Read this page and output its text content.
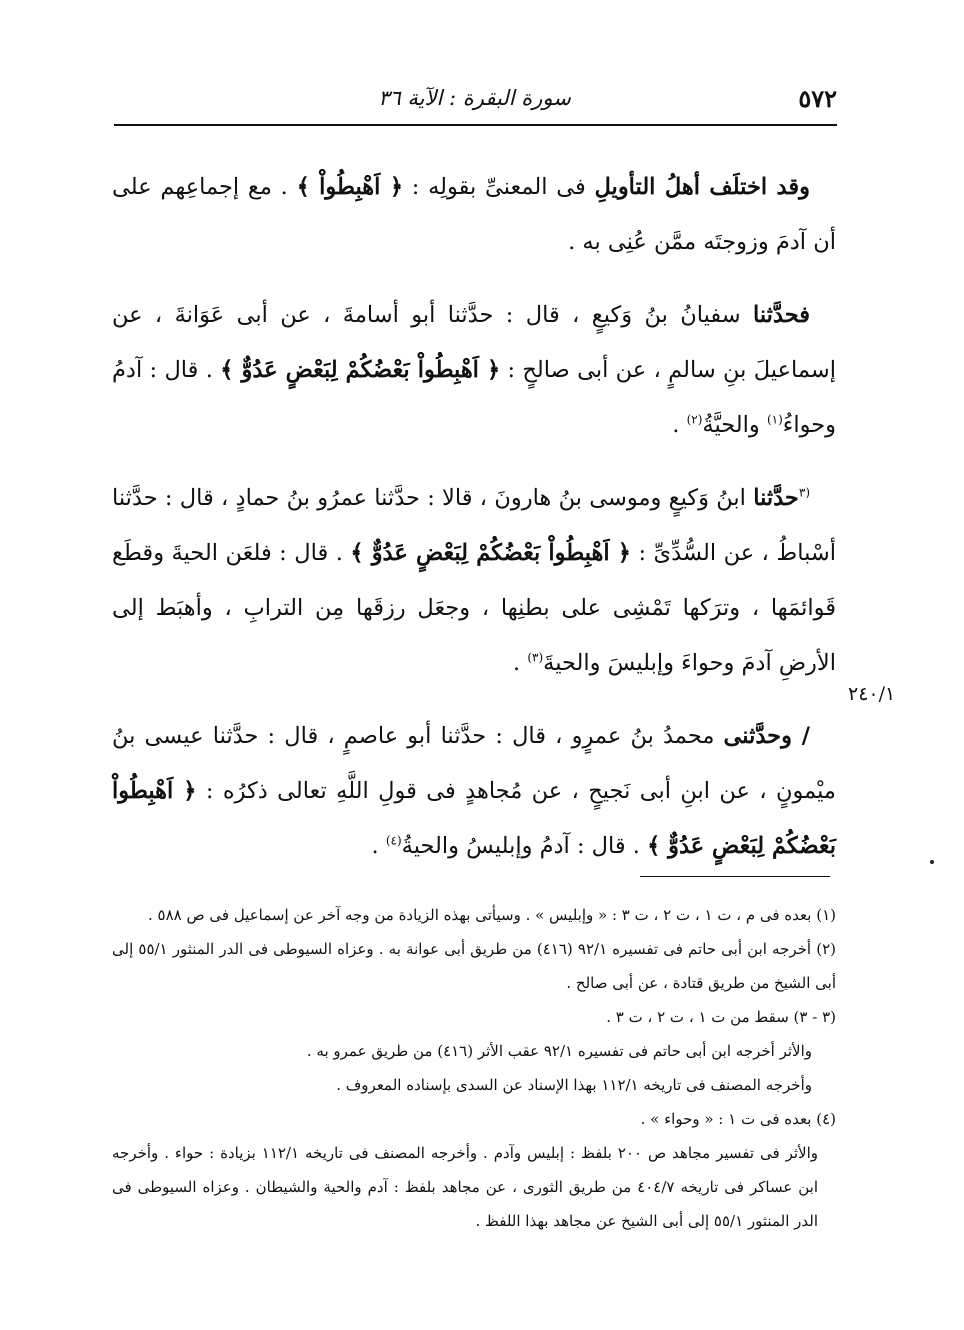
٥٧٢
سورة البقرة : الآية ٣٦

وقد اختلَف أهلُ التأويلِ فى المعنىِّ بقولِه : ﴿ اَهْبِطُواْ ﴾ . مع إجماعِهم على أن آدمَ وزوجتَه ممَّن عُنِى به .

فحدَّثنا سفيانُ بنُ وَكيعٍ ، قال : حدَّثنا أبو أسامةَ ، عن أبى عَوَانةَ ، عن إسماعيلَ بنِ سالمٍ ، عن أبى صالحٍ : ﴿ اَهْبِطُواْ بَعْضُكُمْ لِبَعْضٍ عَدُوٌّ ﴾ . قال : آدمُ وحواءُ$^{(١)}$ والحيَّةُ$^{(٢)}$ .

$^{(٣}$حدَّثنا ابنُ وَكيعٍ وموسى بنُ هارونَ ، قالا : حدَّثنا عمرُو بنُ حمادٍ ، قال : حدَّثنا أسْباطُ ، عن السُّدِّىِّ : ﴿ اَهْبِطُواْ بَعْضُكُمْ لِبَعْضٍ عَدُوٌّ ﴾ . قال : فلعَن الحيةَ وقطَع قَوائمَها ، وترَكها تَمْشِى على بطنِها ، وجعَل رزقَها مِن الترابِ ، وأهبَط إلى الأرضِ آدمَ وحواءَ وإبليسَ والحيةَ$^{(٣)}$ .

/ وحدَّثنى محمدُ بنُ عمرٍو ، قال : حدَّثنا أبو عاصمٍ ، قال : حدَّثنا عيسى بنُ ميْمونٍ ، عن ابنِ أبى نَجيحٍ ، عن مُجاهدٍ فى قولِ اللَّهِ تعالى ذكرُه : ﴿ اَهْبِطُواْ بَعْضُكُمْ لِبَعْضٍ عَدُوٌّ ﴾ . قال : آدمُ وإبليسُ والحيةُ$^{(٤)}$ .

٢٤٠/١

(١) بعده فى م ، ت ١ ، ت ٢ ، ت ٣ : « وإبليس » . وسيأتى بهذه الزيادة من وجه آخر عن إسماعيل فى ص ٥٨٨ .

(٢) أخرجه ابن أبى حاتم فى تفسيره ٩٢/١ (٤١٦) من طريق أبى عوانة به . وعزاه السيوطى فى الدر المنثور ٥٥/١ إلى أبى الشيخ من طريق قتادة ، عن أبى صالح .

(٣ - ٣) سقط من ت ١ ، ت ٢ ، ت ٣ .

والأثر أخرجه ابن أبى حاتم فى تفسيره ٩٢/١ عقب الأثر (٤١٦) من طريق عمرو به .

وأخرجه المصنف فى تاريخه ١١٢/١ بهذا الإسناد عن السدى بإسناده المعروف .

(٤) بعده فى ت ١ : « وحواء » .

والأثر فى تفسير مجاهد ص ٢٠٠ بلفظ : إبليس وآدم . وأخرجه المصنف فى تاريخه ١١٢/١ بزيادة : حواء . وأخرجه ابن عساكر فى تاريخه ٤٠٤/٧ من طريق الثورى ، عن مجاهد بلفظ : آدم والحية والشيطان . وعزاه السيوطى فى الدر المنثور ٥٥/١ إلى أبى الشيخ عن مجاهد بهذا اللفظ .
